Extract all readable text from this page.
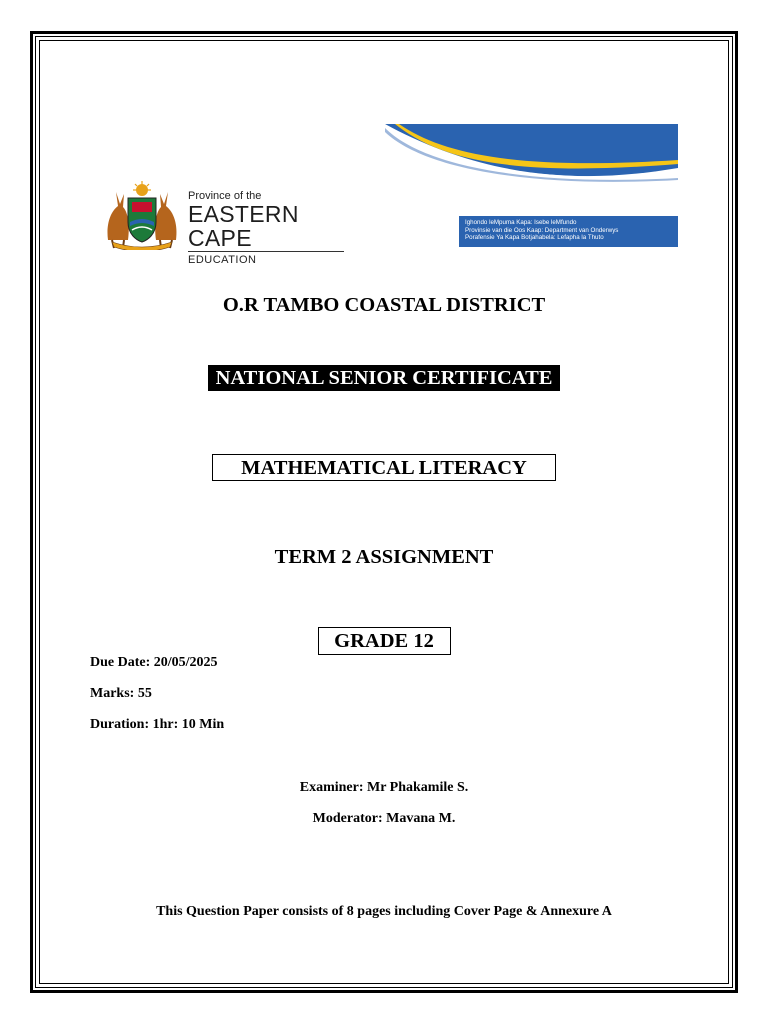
Province of the
EASTERN CAPE
EDUCATION
Ighondo leMpuma Kapa: Isebe leMfundo
Provinsie van die Oos Kaap: Department van Onderwys
Porafensie Ya Kapa Botjahabela: Lefapha la Thuto
O.R TAMBO COASTAL DISTRICT
NATIONAL SENIOR CERTIFICATE
MATHEMATICAL LITERACY
TERM 2 ASSIGNMENT
GRADE 12
Due Date: 20/05/2025
Marks: 55
Duration: 1hr: 10 Min
Examiner: Mr Phakamile S.
Moderator: Mavana M.
This Question Paper consists of 8 pages including Cover Page & Annexure A
